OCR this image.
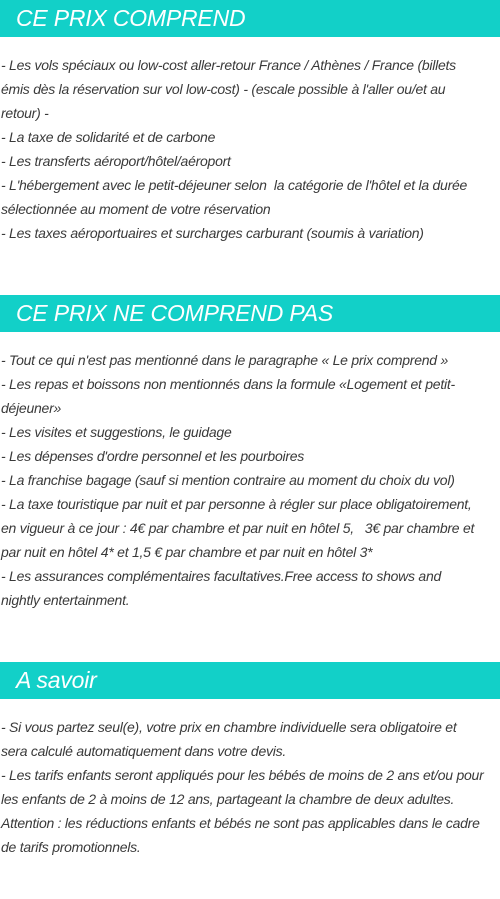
CE PRIX COMPREND
- Les vols spéciaux ou low-cost aller-retour France / Athènes / France (billets
émis dès la réservation sur vol low-cost) - (escale possible à l'aller ou/et au
retour) -
- La taxe de solidarité et de carbone
- Les transferts aéroport/hôtel/aéroport
- L'hébergement avec le petit-déjeuner selon  la catégorie de l'hôtel et la durée
sélectionnée au moment de votre réservation
- Les taxes aéroportuaires et surcharges carburant (soumis à variation)
CE PRIX NE COMPREND PAS
- Tout ce qui n'est pas mentionné dans le paragraphe « Le prix comprend »
- Les repas et boissons non mentionnés dans la formule «Logement et petit-
déjeuner»
- Les visites et suggestions, le guidage
- Les dépenses d'ordre personnel et les pourboires
- La franchise bagage (sauf si mention contraire au moment du choix du vol)
- La taxe touristique par nuit et par personne à régler sur place obligatoirement,
en vigueur à ce jour : 4€ par chambre et par nuit en hôtel 5,   3€ par chambre et
par nuit en hôtel 4* et 1,5 € par chambre et par nuit en hôtel 3*
- Les assurances complémentaires facultatives.Free access to shows and
nightly entertainment.
A savoir
- Si vous partez seul(e), votre prix en chambre individuelle sera obligatoire et
sera calculé automatiquement dans votre devis.
- Les tarifs enfants seront appliqués pour les bébés de moins de 2 ans et/ou pour
les enfants de 2 à moins de 12 ans, partageant la chambre de deux adultes.
Attention : les réductions enfants et bébés ne sont pas applicables dans le cadre
de tarifs promotionnels.
